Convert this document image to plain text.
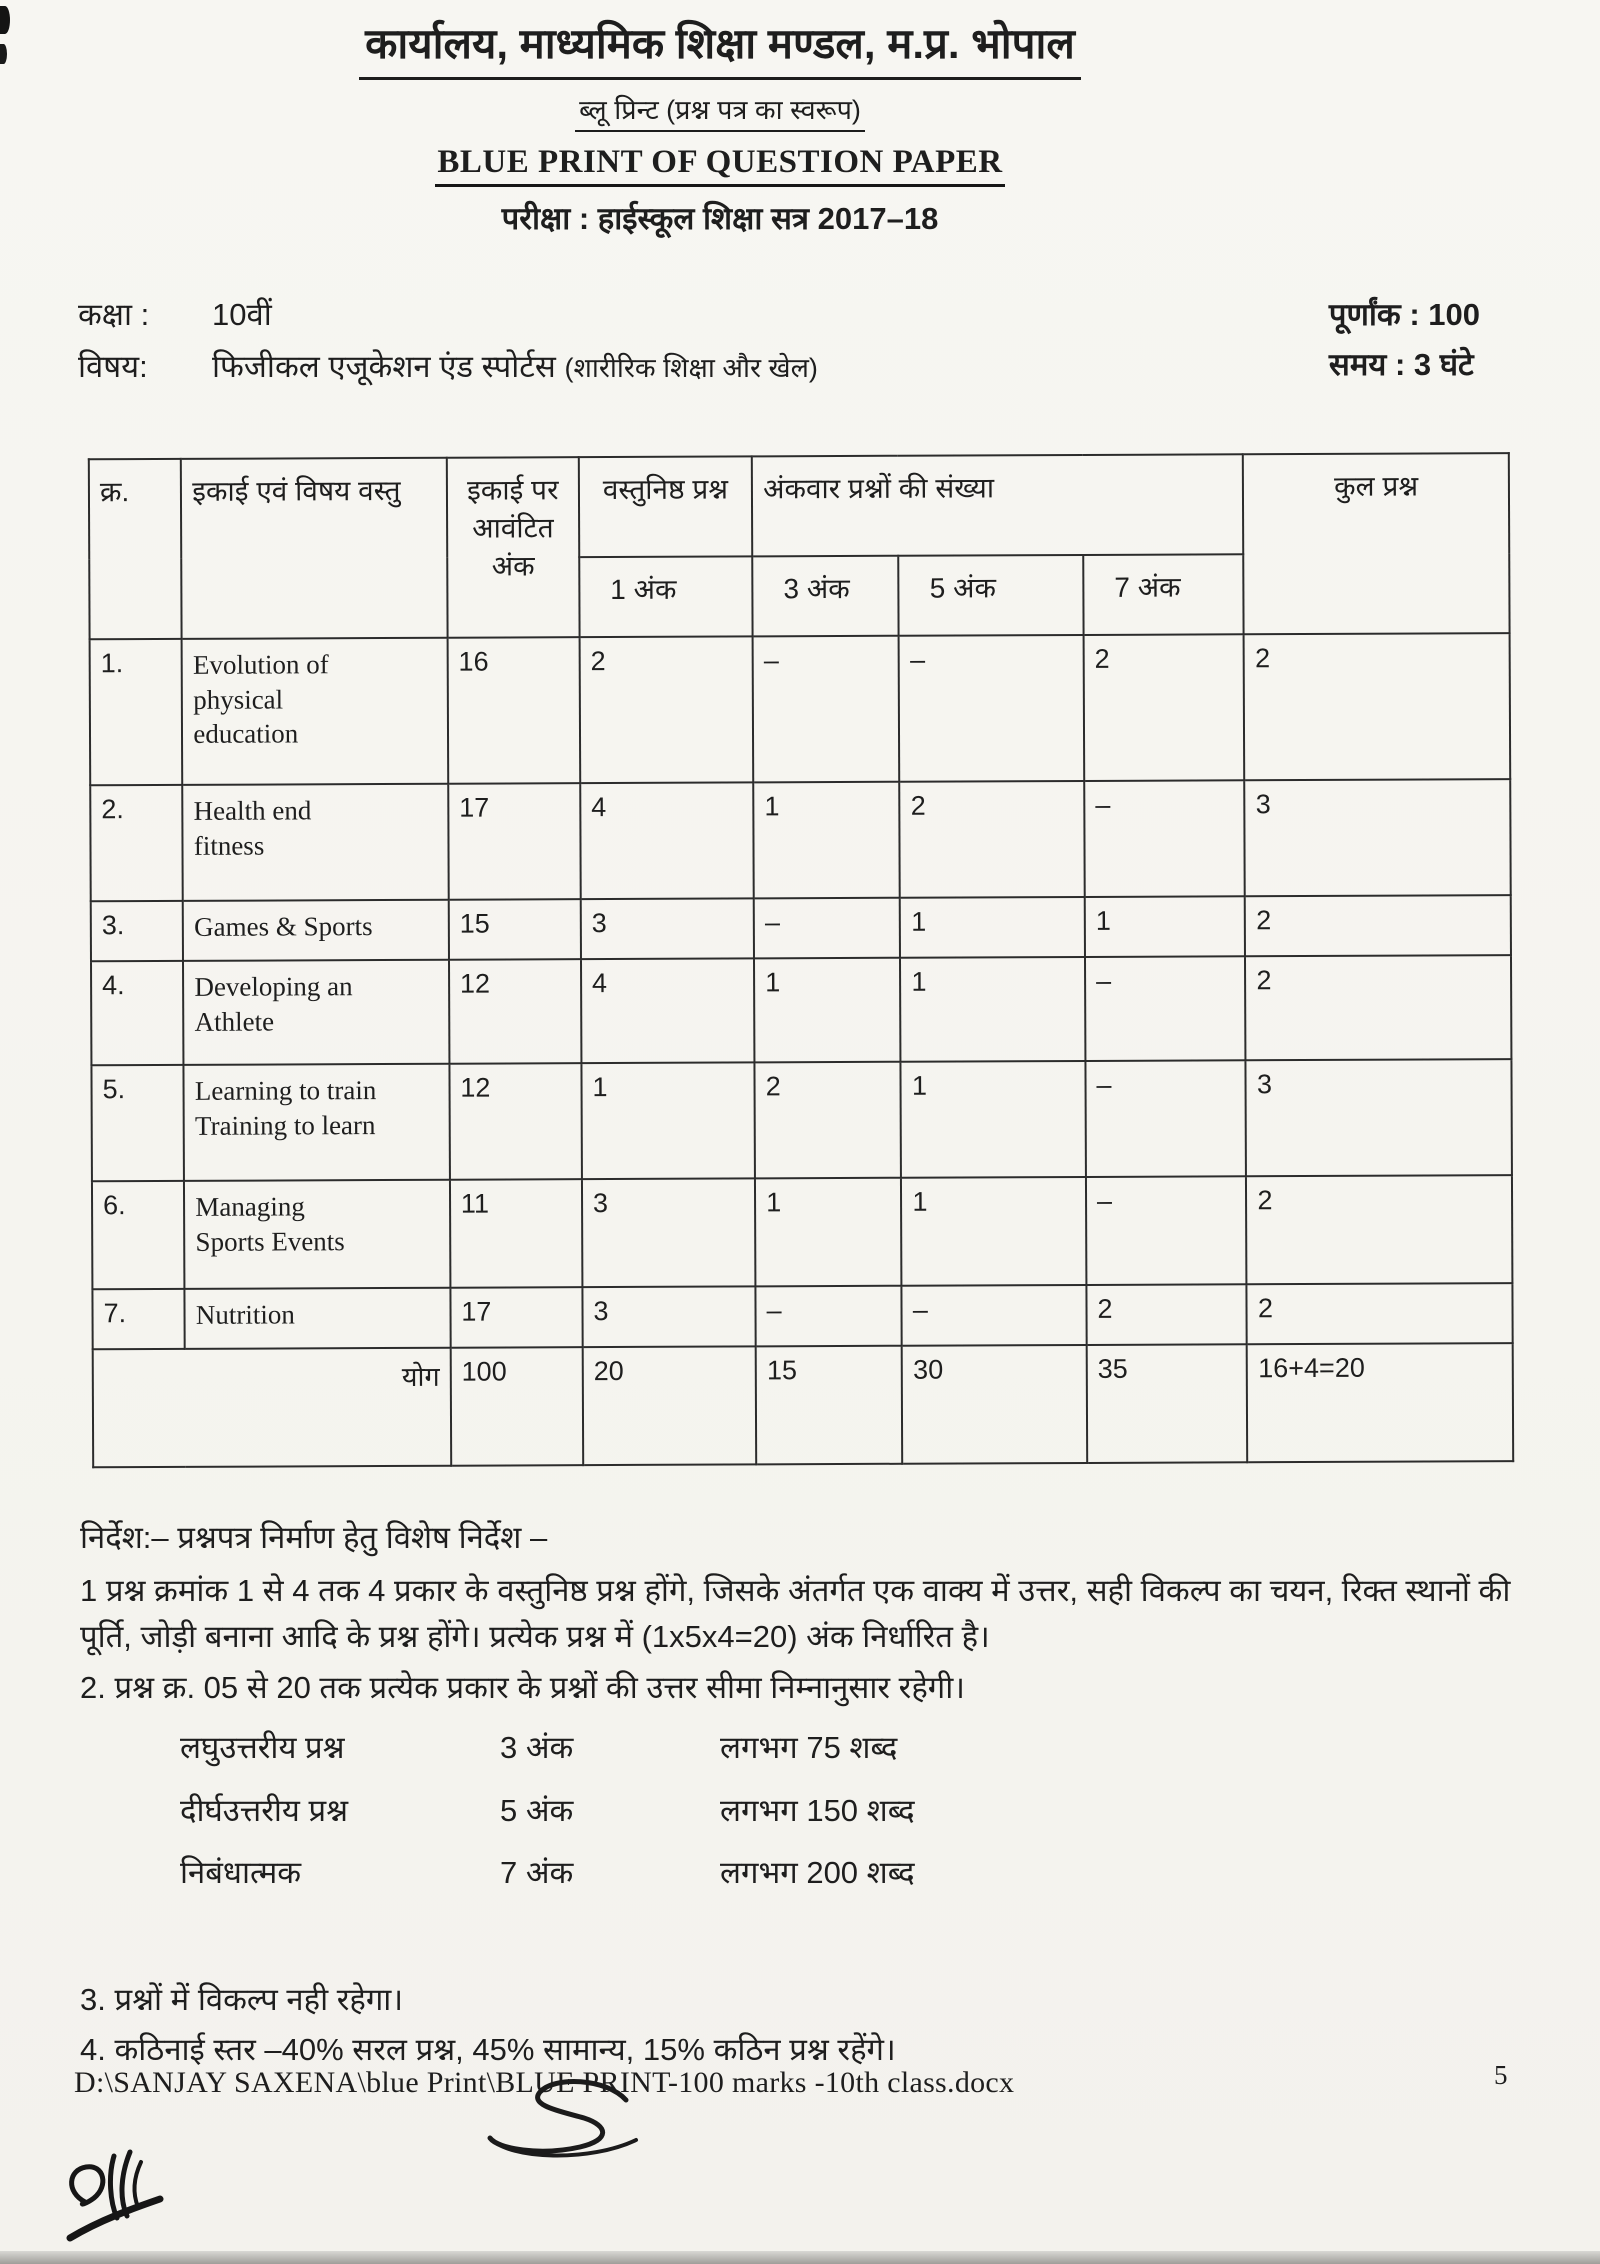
कार्यालय, माध्यमिक शिक्षा मण्डल, म.प्र. भोपाल
ब्लू प्रिन्ट (प्रश्न पत्र का स्वरूप)
BLUE PRINT OF QUESTION PAPER
परीक्षा : हाईस्कूल शिक्षा सत्र 2017–18
कक्षा :	10वीं
विषय:	फिजीकल एजूकेशन एंड स्पोर्टस (शारीरिक शिक्षा और खेल)
पूर्णांक : 100
समय : 3 घंटे
क्र.	इकाई एवं विषय वस्तु	इकाई पर आवंटित अंक	वस्तुनिष्ठ प्रश्न	अंकवार प्रश्नों की संख्या			कुल प्रश्न
			1 अंक	3 अंक	5 अंक	7 अंक	
1.	Evolution of
physical
education	16	2	–	–	2	2
2.	Health end
fitness	17	4	1	2	–	3
3.	Games & Sports	15	3	–	1	1	2
4.	Developing an
Athlete	12	4	1	1	–	2
5.	Learning to train
Training to learn	12	1	2	1	–	3
6.	Managing
Sports Events	11	3	1	1	–	2
7.	Nutrition	17	3	–	–	2	2
योग		100	20	15	30	35	16+4=20
निर्देश:– प्रश्नपत्र निर्माण हेतु विशेष निर्देश –
1 प्रश्न क्रमांक 1 से 4 तक 4 प्रकार के वस्तुनिष्ठ प्रश्न होंगे, जिसके अंतर्गत एक वाक्य में उत्तर, सही विकल्प का चयन, रिक्त स्थानों की पूर्ति, जोड़ी बनाना आदि के प्रश्न होंगे। प्रत्येक प्रश्न में (1x5x4=20) अंक निर्धारित है।
2. प्रश्न क्र. 05 से 20 तक प्रत्येक प्रकार के प्रश्नों की उत्तर सीमा निम्नानुसार रहेगी।
लघुउत्तरीय प्रश्न	3 अंक	लगभग 75 शब्द
दीर्घउत्तरीय प्रश्न	5 अंक	लगभग 150 शब्द
निबंधात्मक	7 अंक	लगभग 200 शब्द
3. प्रश्नों में विकल्प नही रहेगा।
4. कठिनाई स्तर –40% सरल प्रश्न, 45% सामान्य, 15% कठिन प्रश्न रहेंगे।
D:\SANJAY SAXENA\blue Print\BLUE PRINT-100 marks -10th class.docx	5
